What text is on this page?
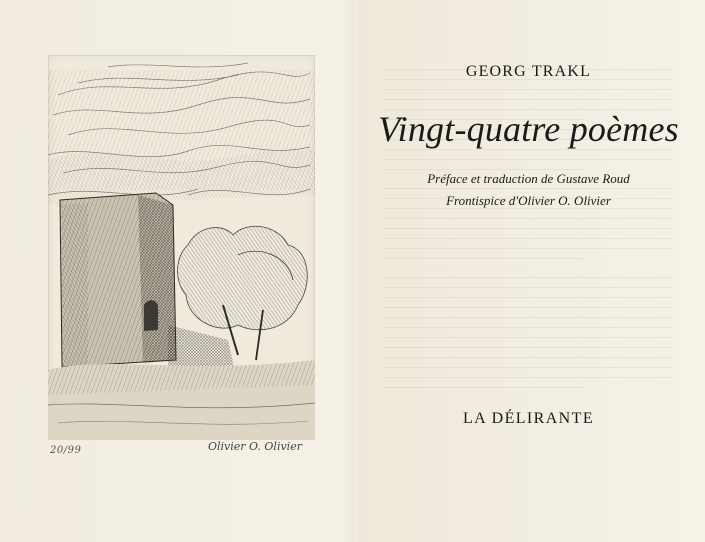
20/99	Olivier O. Olivier
GEORG TRAKL
Vingt-quatre poèmes
Préface et traduction de Gustave Roud
Frontispice d'Olivier O. Olivier
LA DÉLIRANTE
